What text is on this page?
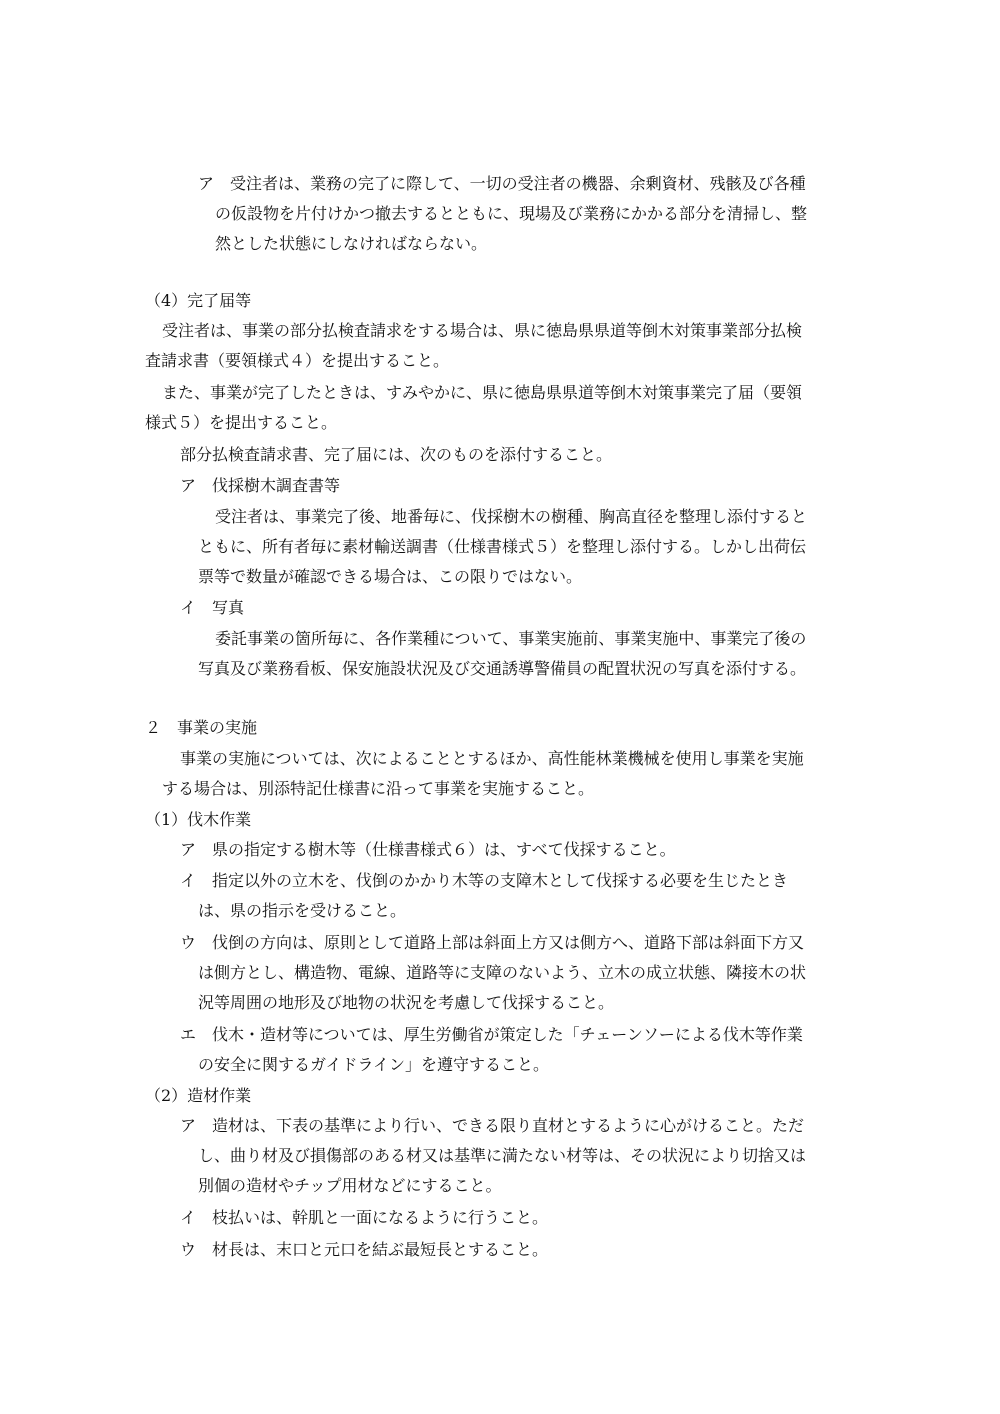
ア　受注者は、業務の完了に際して、一切の受注者の機器、余剰資材、残骸及び各種

の仮設物を片付けかつ撤去するとともに、現場及び業務にかかる部分を清掃し、整

然とした状態にしなければならない。

（4）完了届等

受注者は、事業の部分払検査請求をする場合は、県に徳島県県道等倒木対策事業部分払検

査請求書（要領様式４）を提出すること。

また、事業が完了したときは、すみやかに、県に徳島県県道等倒木対策事業完了届（要領

様式５）を提出すること。

部分払検査請求書、完了届には、次のものを添付すること。

ア　伐採樹木調査書等

受注者は、事業完了後、地番毎に、伐採樹木の樹種、胸高直径を整理し添付すると

ともに、所有者毎に素材輸送調書（仕様書様式５）を整理し添付する。しかし出荷伝

票等で数量が確認できる場合は、この限りではない。

イ　写真

委託事業の箇所毎に、各作業種について、事業実施前、事業実施中、事業完了後の

写真及び業務看板、保安施設状況及び交通誘導警備員の配置状況の写真を添付する。

２　事業の実施

事業の実施については、次によることとするほか、高性能林業機械を使用し事業を実施

する場合は、別添特記仕様書に沿って事業を実施すること。

（1）伐木作業

ア　県の指定する樹木等（仕様書様式６）は、すべて伐採すること。

イ　指定以外の立木を、伐倒のかかり木等の支障木として伐採する必要を生じたとき

は、県の指示を受けること。

ウ　伐倒の方向は、原則として道路上部は斜面上方又は側方へ、道路下部は斜面下方又

は側方とし、構造物、電線、道路等に支障のないよう、立木の成立状態、隣接木の状

況等周囲の地形及び地物の状況を考慮して伐採すること。

エ　伐木・造材等については、厚生労働省が策定した「チェーンソーによる伐木等作業

の安全に関するガイドライン」を遵守すること。

（2）造材作業

ア　造材は、下表の基準により行い、できる限り直材とするように心がけること。ただ

し、曲り材及び損傷部のある材又は基準に満たない材等は、その状況により切捨又は

別個の造材やチップ用材などにすること。

イ　枝払いは、幹肌と一面になるように行うこと。

ウ　材長は、末口と元口を結ぶ最短長とすること。
